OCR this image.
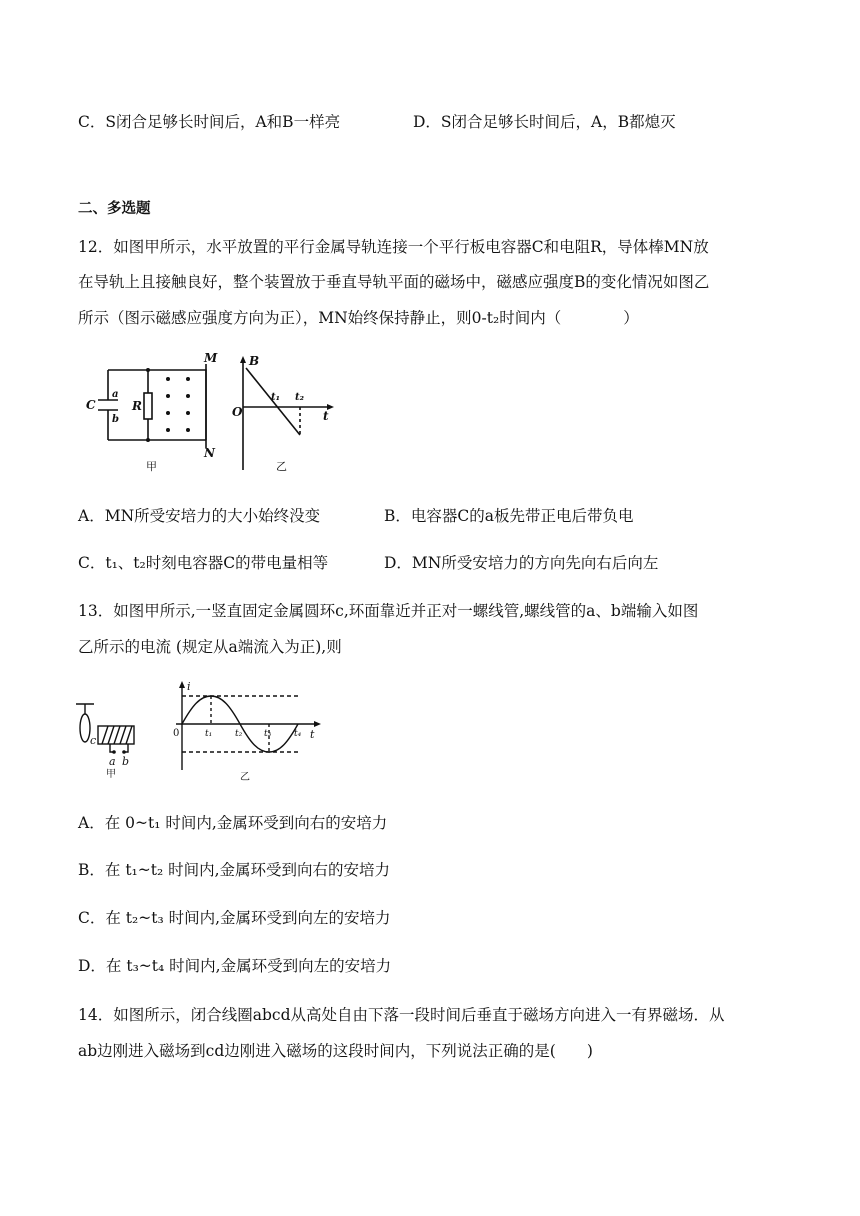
C．S闭合足够长时间后，A和B一样亮	D．S闭合足够长时间后，A，B都熄灭
二、多选题
12．如图甲所示，水平放置的平行金属导轨连接一个平行板电容器C和电阻R，导体棒MN放
在导轨上且接触良好，整个装置放于垂直导轨平面的磁场中，磁感应强度B的变化情况如图乙
所示（图示磁感应强度方向为正），MN始终保持静止，则0-t₂时间内（　　　　）
C
a
b
R
M
N
B
O	t
t₁ t₂
甲	乙
A．MN所受安培力的大小始终没变	B．电容器C的a板先带正电后带负电
C．t₁、t₂时刻电容器C的带电量相等	D．MN所受安培力的方向先向右后向左
13．如图甲所示,一竖直固定金属圆环c,环面靠近并正对一螺线管,螺线管的a、b端输入如图
乙所示的电流 (规定从a端流入为正),则
c
a b
i
t
t₁	t₂ t₃	t₄
0
甲	乙
A．在 0~t₁ 时间内,金属环受到向右的安培力
B．在 t₁~t₂ 时间内,金属环受到向右的安培力
C．在 t₂~t₃ 时间内,金属环受到向左的安培力
D．在 t₃~t₄ 时间内,金属环受到向左的安培力
14．如图所示，闭合线圈abcd从高处自由下落一段时间后垂直于磁场方向进入一有界磁场．从
ab边刚进入磁场到cd边刚进入磁场的这段时间内，下列说法正确的是(　　)
